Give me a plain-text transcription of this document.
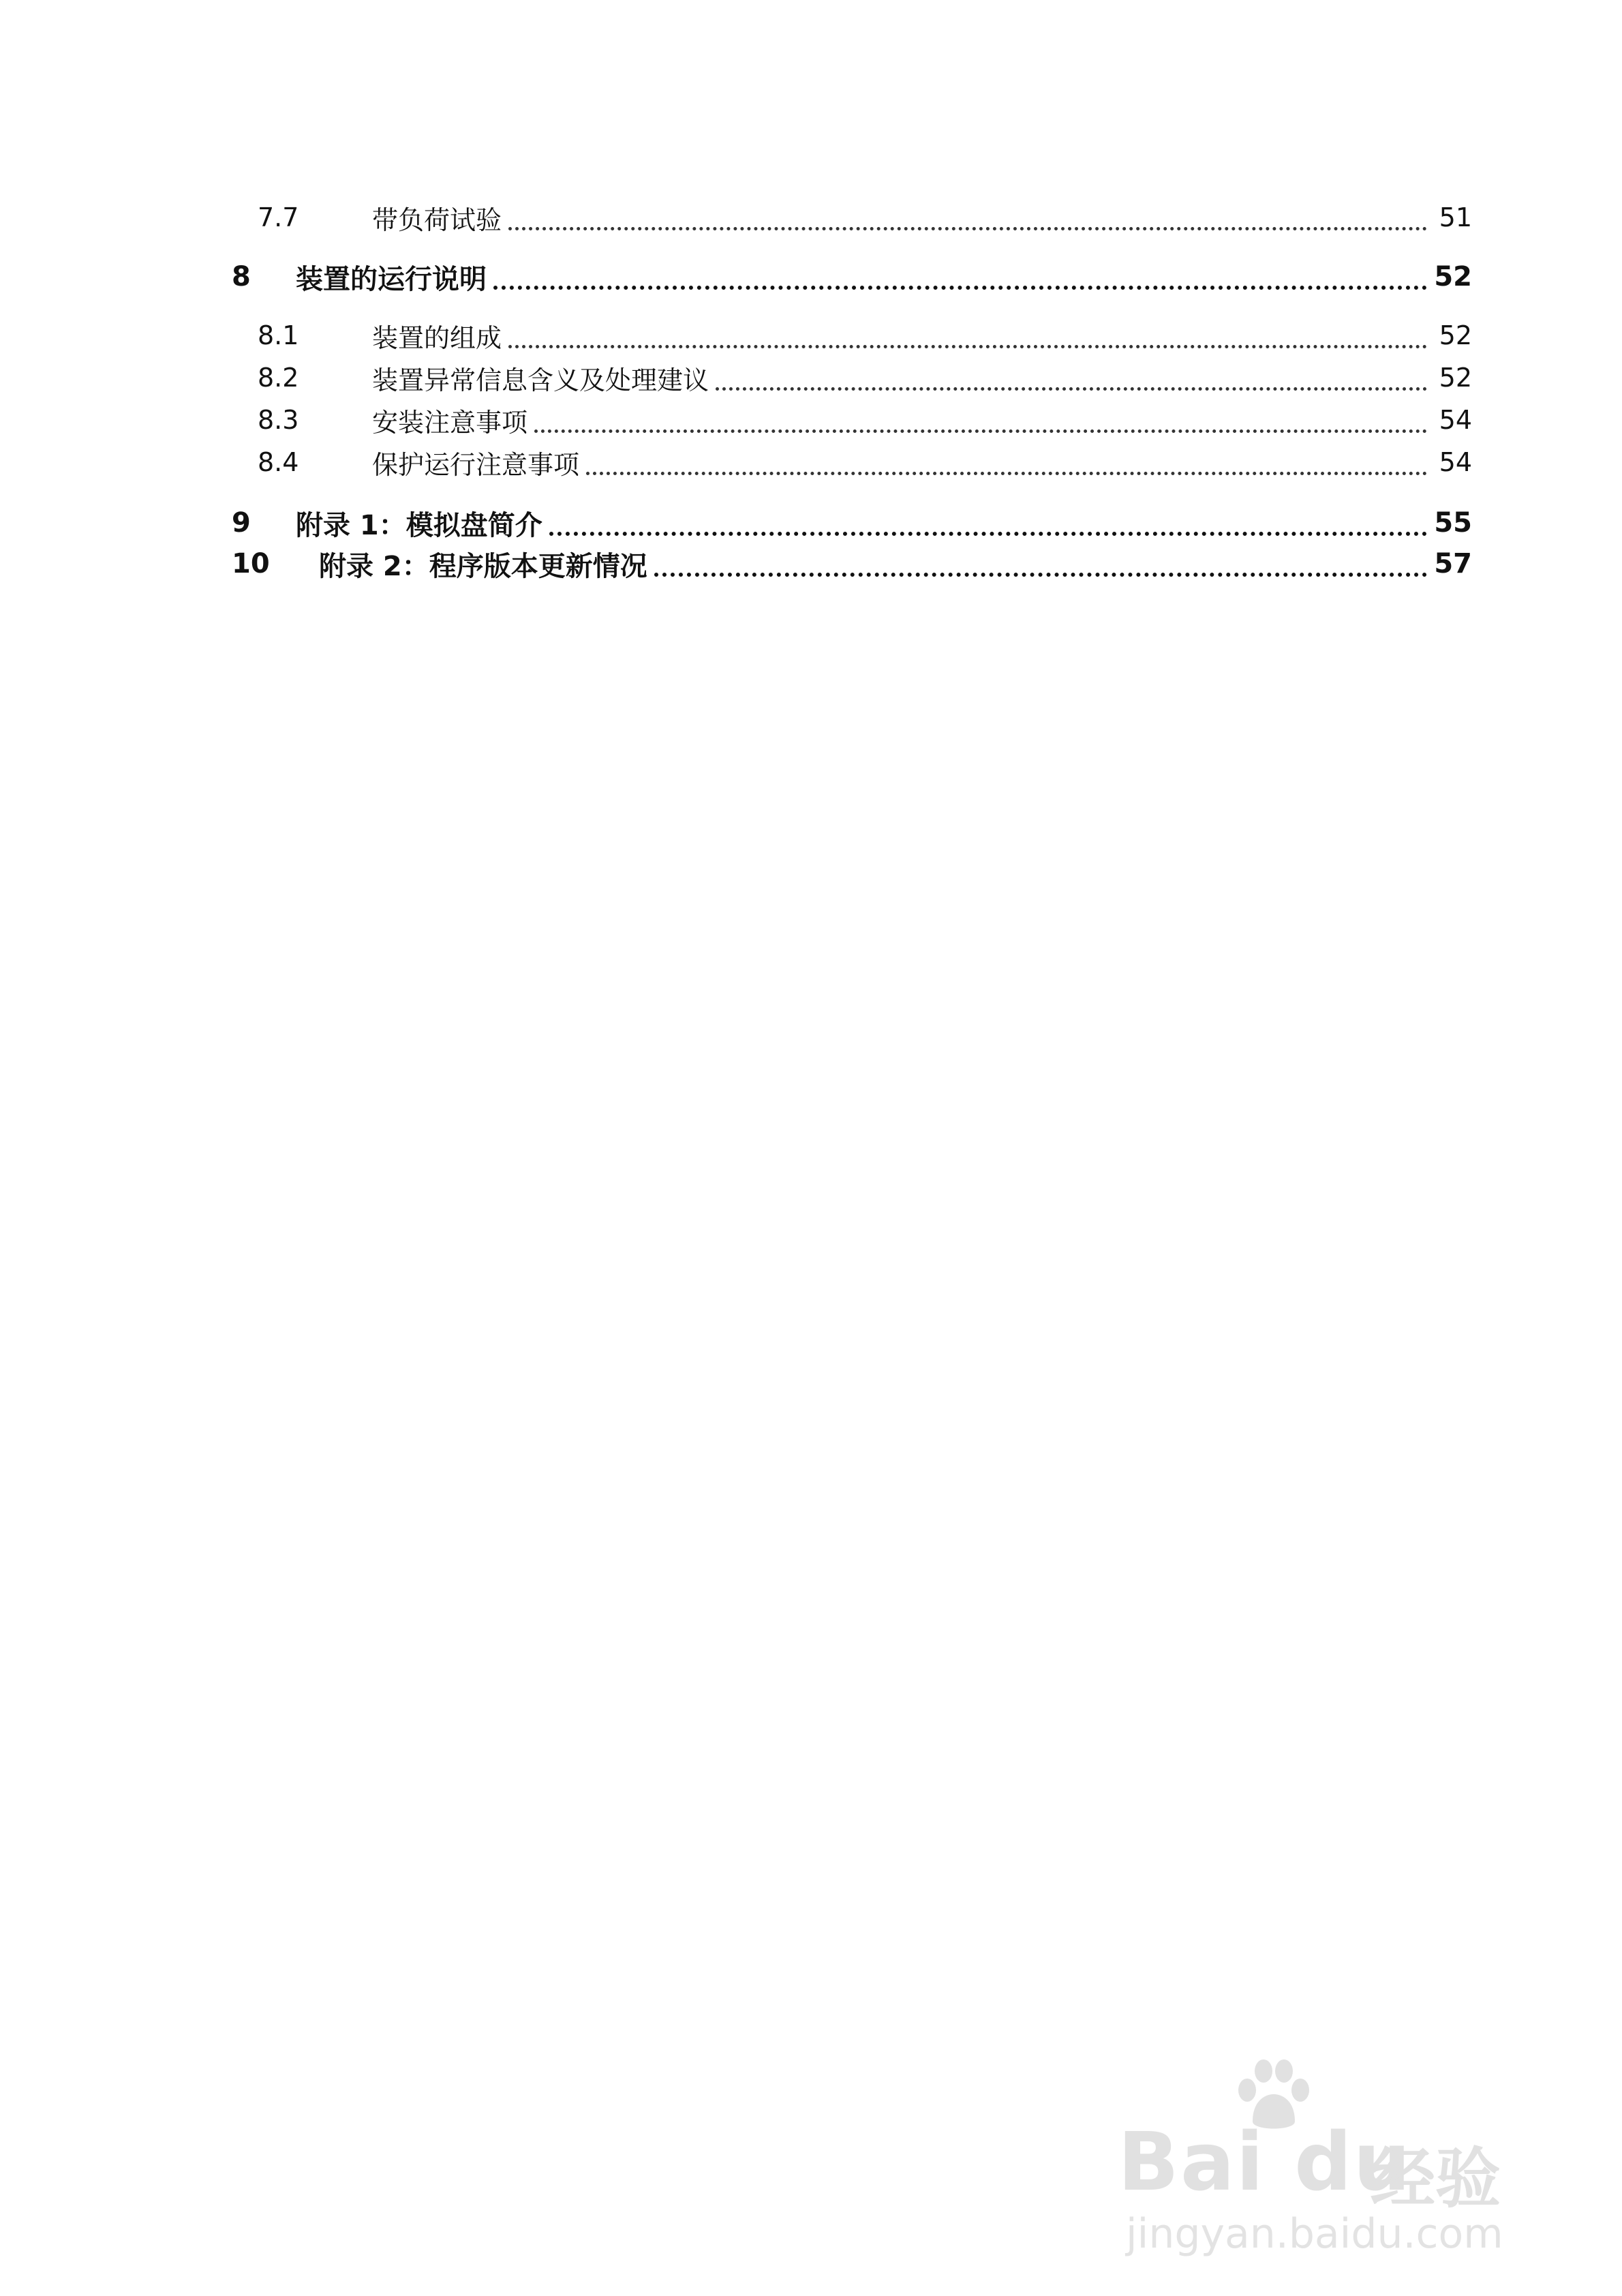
7.7	带负荷试验	51
8	装置的运行说明	52
8.1	装置的组成	52
8.2	装置异常信息含义及处理建议	52
8.3	安装注意事项	54
8.4	保护运行注意事项	54
9	附录 1：模拟盘简介	55
10	附录 2：程序版本更新情况	57
Bai du
经验
jingyan.baidu.com
